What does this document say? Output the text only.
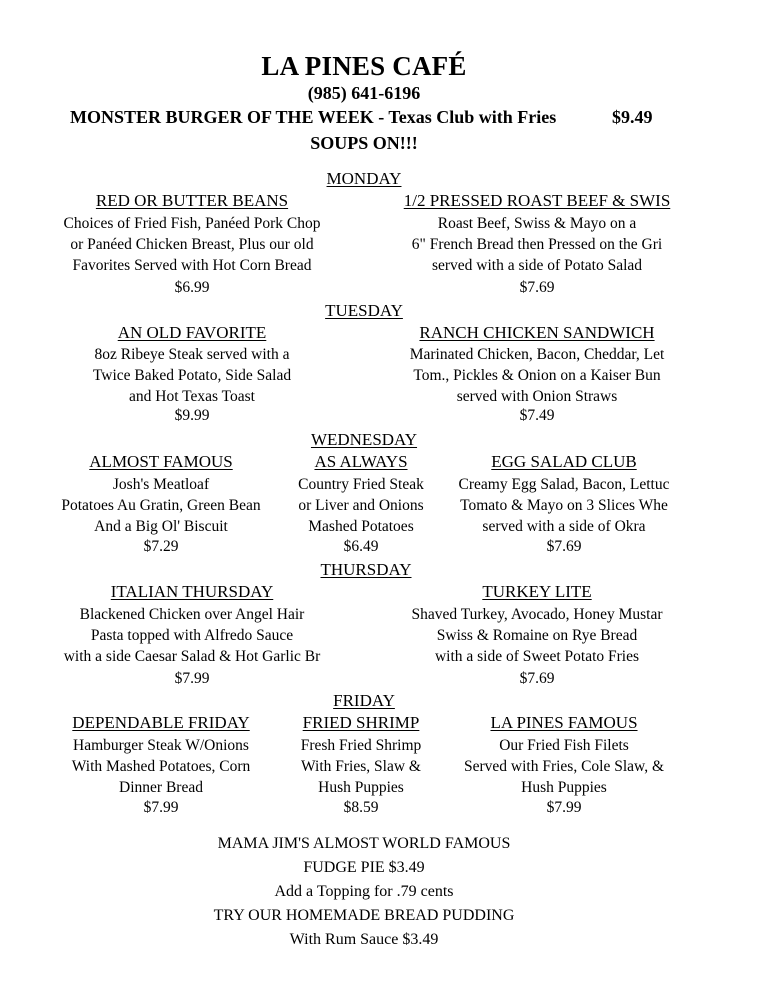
LA PINES CAFÉ
(985) 641-6196
MONSTER BURGER OF THE WEEK - Texas Club with Fries	$9.49
SOUPS ON!!!
MONDAY
RED OR BUTTER BEANS
Choices of Fried Fish, Panéed Pork Chop
or Panéed Chicken Breast, Plus our old
Favorites Served with Hot Corn Bread
$6.99
1/2 PRESSED ROAST BEEF & SWIS
Roast Beef, Swiss & Mayo on a
6" French Bread then Pressed on the Gri
served with a side of Potato Salad
$7.69
TUESDAY
AN OLD FAVORITE
8oz Ribeye Steak served with a
Twice Baked Potato, Side Salad
and Hot Texas Toast
$9.99
RANCH CHICKEN SANDWICH
Marinated Chicken, Bacon, Cheddar, Let
Tom., Pickles & Onion on a Kaiser Bun
served with Onion Straws
$7.49
WEDNESDAY
ALMOST FAMOUS
Josh's Meatloaf
Potatoes Au Gratin, Green Bean
And a Big Ol' Biscuit
$7.29
AS ALWAYS
Country Fried Steak
or Liver and Onions
Mashed Potatoes
$6.49
EGG SALAD CLUB
Creamy Egg Salad, Bacon, Lettuc
Tomato & Mayo on 3 Slices Whe
served with a side of Okra
$7.69
THURSDAY
ITALIAN THURSDAY
Blackened Chicken over Angel Hair
Pasta topped with Alfredo Sauce
with a side Caesar Salad & Hot Garlic Br
$7.99
TURKEY LITE
Shaved Turkey, Avocado, Honey Mustar
Swiss & Romaine on Rye Bread
with a side of Sweet Potato Fries
$7.69
FRIDAY
DEPENDABLE FRIDAY
Hamburger Steak W/Onions
With Mashed Potatoes, Corn
Dinner Bread
$7.99
FRIED SHRIMP
Fresh Fried Shrimp
With Fries, Slaw &
Hush Puppies
$8.59
LA PINES FAMOUS
Our Fried Fish Filets
Served with Fries, Cole Slaw, &
Hush Puppies
$7.99
MAMA JIM'S ALMOST WORLD FAMOUS
FUDGE PIE $3.49
Add a Topping for .79 cents
TRY OUR HOMEMADE BREAD PUDDING
With Rum Sauce $3.49
